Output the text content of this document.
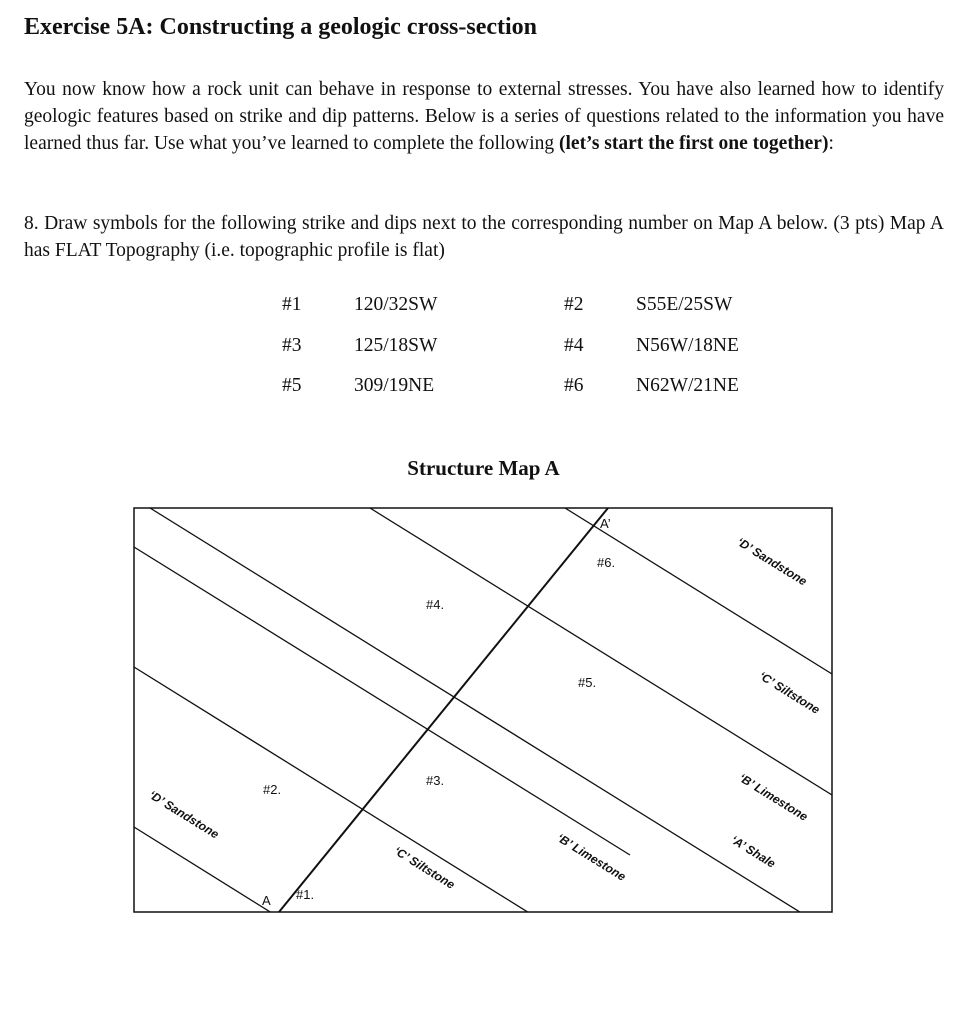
Exercise 5A: Constructing a geologic cross-section

You now know how a rock unit can behave in response to external stresses. You have also learned how to identify geologic features based on strike and dip patterns. Below is a series of questions related to the information you have learned thus far. Use what you’ve learned to complete the following (let’s start the first one together):

8. Draw symbols for the following strike and dips next to the corresponding number on Map A below. (3 pts) Map A has FLAT Topography (i.e. topographic profile is flat)

#1	120/32SW	#2	S55E/25SW
#3	125/18SW	#4	N56W/18NE
#5	309/19NE	#6	N62W/21NE
Structure Map A
#4.
#6.
#5.
#3.
#2.
#1.
A
A’
‘D’ Sandstone
‘C’ Siltstone
‘B’ Limestone
‘A’ Shale
‘D’ Sandstone
‘C’ Siltstone	‘B’ Limestone
